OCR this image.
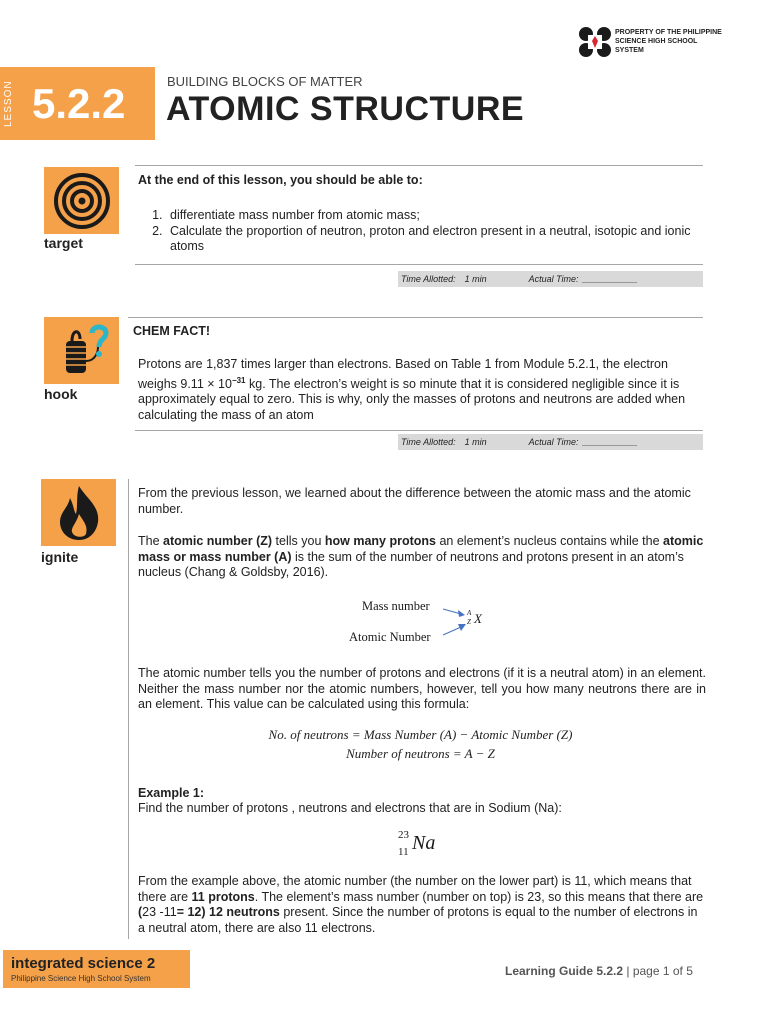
PROPERTY OF THE PHILIPPINE SCIENCE HIGH SCHOOL SYSTEM
LESSON 5.2.2	BUILDING BLOCKS OF MATTER
ATOMIC STRUCTURE
target
At the end of this lesson, you should be able to:
1. differentiate mass number from atomic mass;
2. Calculate the proportion of neutron, proton and electron present in a neutral, isotopic and ionic atoms
Time Allotted: 1 min	Actual Time: ___________
hook
CHEM FACT!
Protons are 1,837 times larger than electrons. Based on Table 1 from Module 5.2.1, the electron weighs $9.11 \times 10^{-31}$ kg. The electron’s weight is so minute that it is considered negligible since it is approximately equal to zero. This is why, only the masses of protons and neutrons are added when calculating the mass of an atom
Time Allotted: 1 min	Actual Time: ___________
ignite
From the previous lesson, we learned about the difference between the atomic mass and the atomic number.
The atomic number (Z) tells you how many protons an element’s nucleus contains while the atomic mass or mass number (A) is the sum of the number of neutrons and protons present in an atom’s nucleus (Chang & Goldsby, 2016).
Mass number
Atomic Number
A
Z X
The atomic number tells you the number of protons and electrons (if it is a neutral atom) in an element. Neither the mass number nor the atomic numbers, however, tell you how many neutrons there are in an element. This value can be calculated using this formula:
No. of neutrons = Mass Number (A) − Atomic Number (Z)
Number of neutrons = A − Z
Example 1:
Find the number of protons , neutrons and electrons that are in Sodium (Na):
23
11 Na
From the example above, the atomic number (the number on the lower part) is 11, which means that there are 11 protons. The element’s mass number (number on top) is 23, so this means that there are (23 -11= 12) 12 neutrons present. Since the number of protons is equal to the number of electrons in a neutral atom, there are also 11 electrons.
integrated science 2
Philippine Science High School System
Learning Guide 5.2.2 | page 1 of 5
